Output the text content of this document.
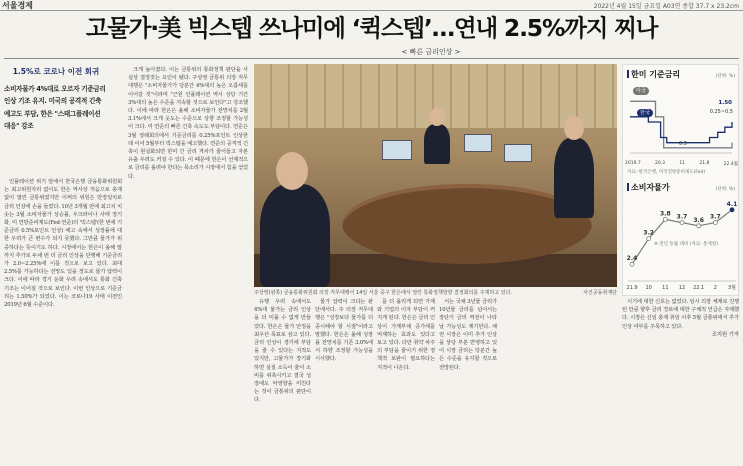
서울경제	2022년 4월 15일 금요일 A03면 종합 37.7 x 23.2cm
고물가·美 빅스텝 쓰나미에 ‘퀵스텝’…연내 2.5%까지 찌나
< 빠른 금리인상 >
1.5%로 코로나 이전 회귀
소비자물가 4%대로 오르자 기준금리 인상 기조 유지. 미국의 공격적 긴축 예고도 부담, 한은 "스태그플레이션 대응" 강조

인플레이션 위기 앞에서 한국은행 금융통화위원회는 최고위원자리 없이도 한은 역사상 처음으로 총재 없이 열린 금통위였지만 이쩌의 위원은 만장일치로 금리 인상에 손을 들었다. 10년 3개월 만에 최고치 치솟는 3월 소비자물가 상승률, 우크라이나 사태 장기화, 미 연방준비제도(Fed·연준)의 '빅스텝'(한 번에 기준금리 0.5%포인트 인상) 예고 속에서 성장률에 대한 우려가 큰 변수가 되지 못했다. 그만큼 물가가 위중하다는 뜻이기도 하다. 시장에서는 한은이 올해 말까지 추가로 두세 번 더 금리 인상을 단행해 기준금리가 2.0~2.25%에 이를 것으로 보고 있다. 최대 2.5%를 가능하다는 전망도 있을 정도로 물가 압력이 크다. 이에 따라 경기 둔화 우려 속에서도 통화 긴축 기조는 이어질 것으로 보인다. 이번 인상으로 기준금리는 1.50%가 되었다. 이는 코로나19 사태 이전인 2019년 6월 수준이다.

크게 높아졌다. 이는 금통위의 통화정책 판단을 사실상 결정짓는 요인이 됐다. 주상영 금통위 의장 직무대행은 "소비자물가가 당분간 4%대의 높은 오름세를 이어갈 것"이라며 "근원 인플레이션 역시 상당 기간 3%대의 높은 수준을 지속할 것으로 보인다"고 강조했다. 이에 따라 한은은 올해 소비자물가 전망치를 2월 3.1%에서 크게 웃도는 수준으로 상향 조정할 가능성이 크다. 미 연준의 빠른 긴축 속도도 부담이다. 연준은 3월 정례회의에서 기준금리를 0.25%포인트 인상한 데 이어 5월부터 빅스텝을 예고했다. 연준의 공격적 긴축이 현실화되면 한미 간 금리 격차가 줄어들고 자본 유출 우려도 커질 수 있다. 이 때문에 한은이 선제적으로 금리를 올려야 한다는 목소리가 시장에서 힘을 얻었다.

주상영(왼쪽) 금융통화위원회 의장 직무대행이 14일 서울 중구 한은에서 열린 통화정책방향 결정회의를 주재하고 있다.	사진공동취재단
한미 기준금리	(단위: %)
미국
한국
1.50
0.25~0.5
0.5
2019.7	20.3	11	21.8	22.4월
자료: 한국은행, 미국연방준비제도(Fed)
소비자물가	(단위: %)
2.4
21.9
3.2
10
3.8
11
3.7
12
3.6
22.1
3.7
2
4.1
3월
※ 전년 동월 대비 (자료: 통계청)

유행 우려 속에서도 4%대 물가는 금리 인상을 더 미룰 수 없게 만들었다. 한은은 물가 안정을 최우선 목표로 삼고 있다. 금리 인상이 경기에 부담을 줄 수 있다는 지적도 있지만, 고물가가 장기화하면 실질 소득이 줄어 소비를 위축시키고 결국 성장에도 악영향을 미친다는 것이 금통위의 판단이다.

물가 압력이 크다는 판단에서다. 주 의장 직무대행은 "성장보다 물가를 더 중시해야 할 시점"이라고 말했다. 한은은 올해 성장률 전망치를 기존 3.0%에서 하향 조정할 가능성을 시사했다.

를 더 올리게 되면 가계와 기업의 이자 부담이 커지게 된다. 한은은 금리 인상이 가계부채 증가세를 억제하는 효과도 있다고 보고 있다. 다만 취약 차주의 부담을 줄이기 위한 정책적 보완이 필요하다는 지적이 나온다.

서는 국채 3년물 금리가 10년물 금리를 넘어서는 장단기 금리 역전이 나타날 가능성도 제기된다. 채권 시장은 이미 추가 인상을 상당 부분 반영하고 있어 시장 금리는 당분간 높은 수준을 유지할 것으로 전망된다.

시기에 대한 신호는 없었다. 임시 의장 체제로 진행된 만큼 향후 금리 경로에 대한 구체적 언급은 자제했다. 시장은 신임 총재 취임 이후 5월 금통위에서 추가 인상 여부를 주목하고 있다.

조지원 기자
